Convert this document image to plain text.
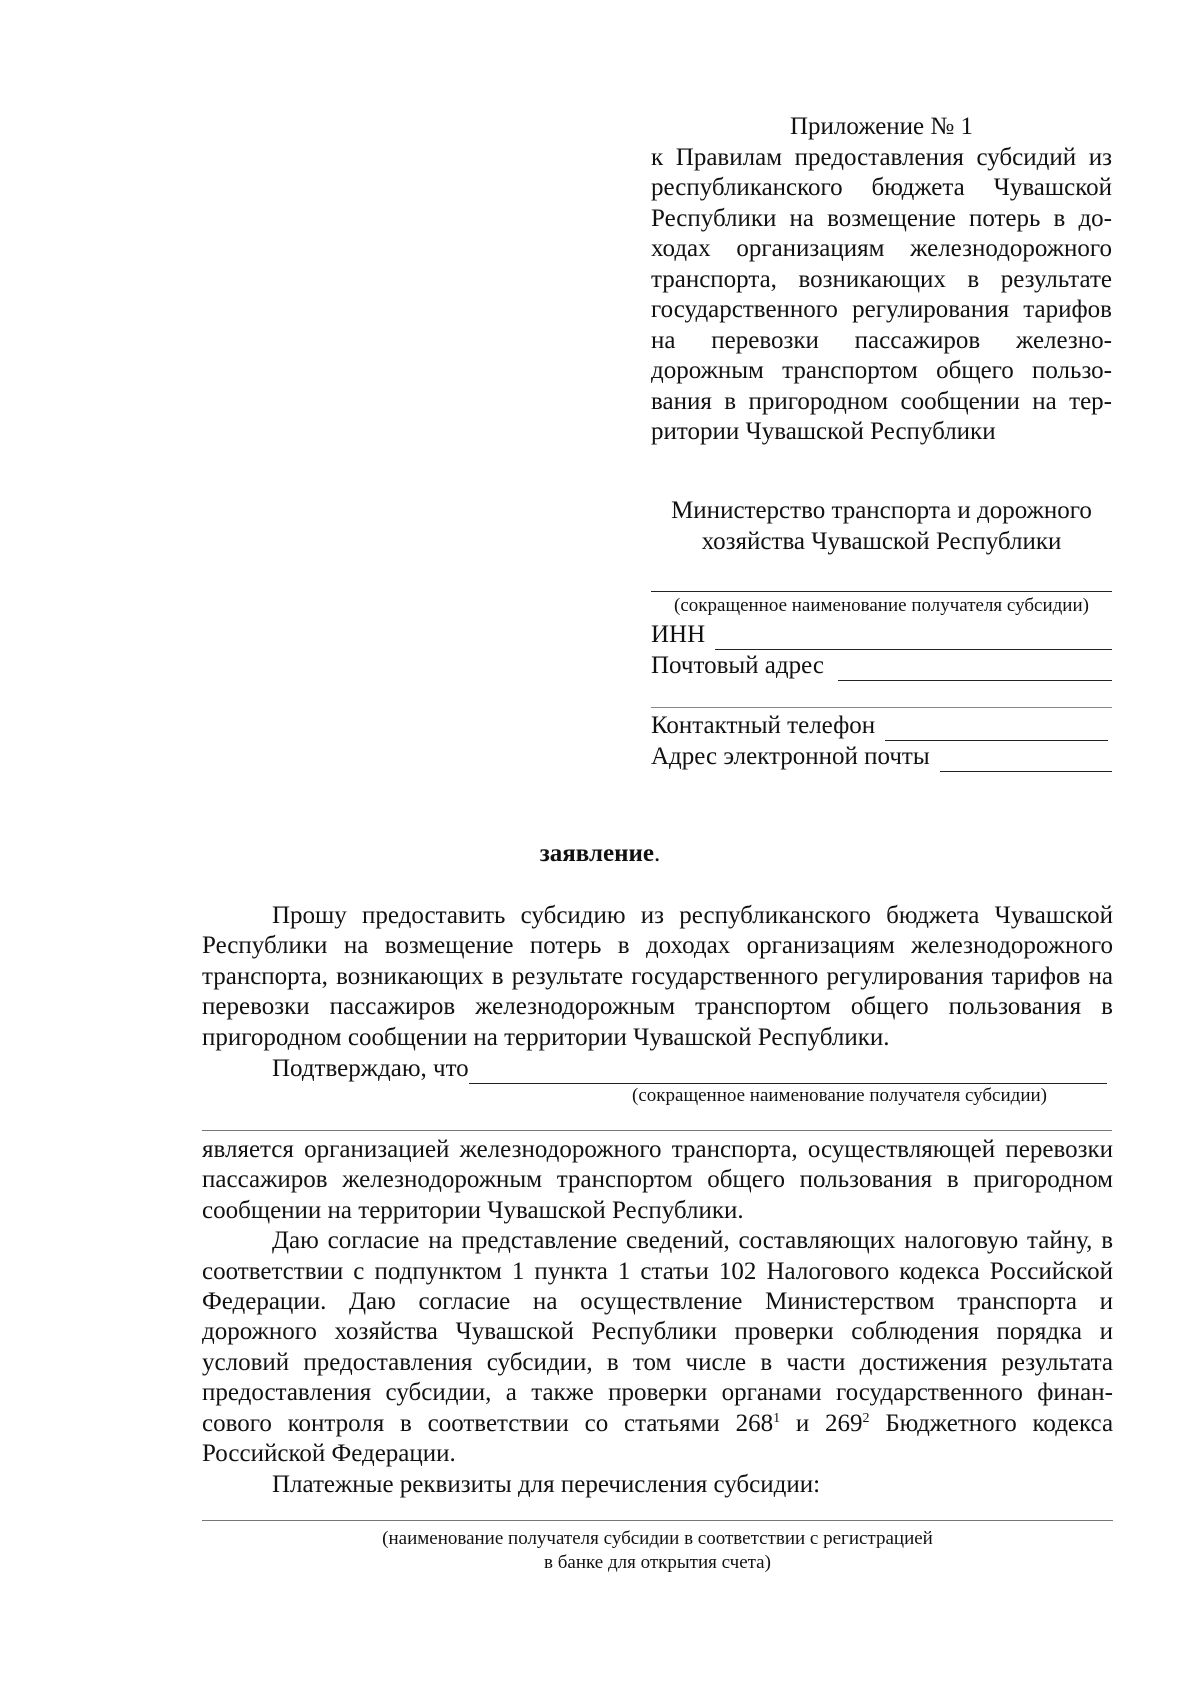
Приложение № 1
к Правилам предоставления субсидий из республиканского бюджета Чувашской Республики на возмещение потерь в доходах организациям железнодорожного транспорта, возникающих в результате государственного регулирования тарифов на перевозки пассажиров железнодорожным транспортом общего пользования в пригородном сообщении на территории Чувашской Республики
Министерство транспорта и дорожного хозяйства Чувашской Республики
(сокращенное наименование получателя субсидии)
ИНН
Почтовый адрес
Контактный телефон
Адрес электронной почты
заявление.

Прошу предоставить субсидию из республиканского бюджета Чувашской Республики на возмещение потерь в доходах организациям железнодорожного транспорта, возникающих в результате государственного регулирования тарифов на перевозки пассажиров железнодорожным транспортом общего пользования в пригородном сообщении на территории Чувашской Республики.

Подтверждаю, что
(сокращенное наименование получателя субсидии)

является организацией железнодорожного транспорта, осуществляющей перевозки пассажиров железнодорожным транспортом общего пользования в пригородном сообщении на территории Чувашской Республики.

Даю согласие на представление сведений, составляющих налоговую тайну, в соответствии с подпунктом 1 пункта 1 статьи 102 Налогового кодекса Российской Федерации. Даю согласие на осуществление Министерством транспорта и дорожного хозяйства Чувашской Республики проверки соблюдения порядка и условий предоставления субсидии, в том числе в части достижения результата предоставления субсидии, а также проверки органами государственного финансового контроля в соответствии со статьями $268^1$ и $269^2$ Бюджетного кодекса Российской Федерации.

Платежные реквизиты для перечисления субсидии:

(наименование получателя субсидии в соответствии с регистрацией
в банке для открытия счета)
